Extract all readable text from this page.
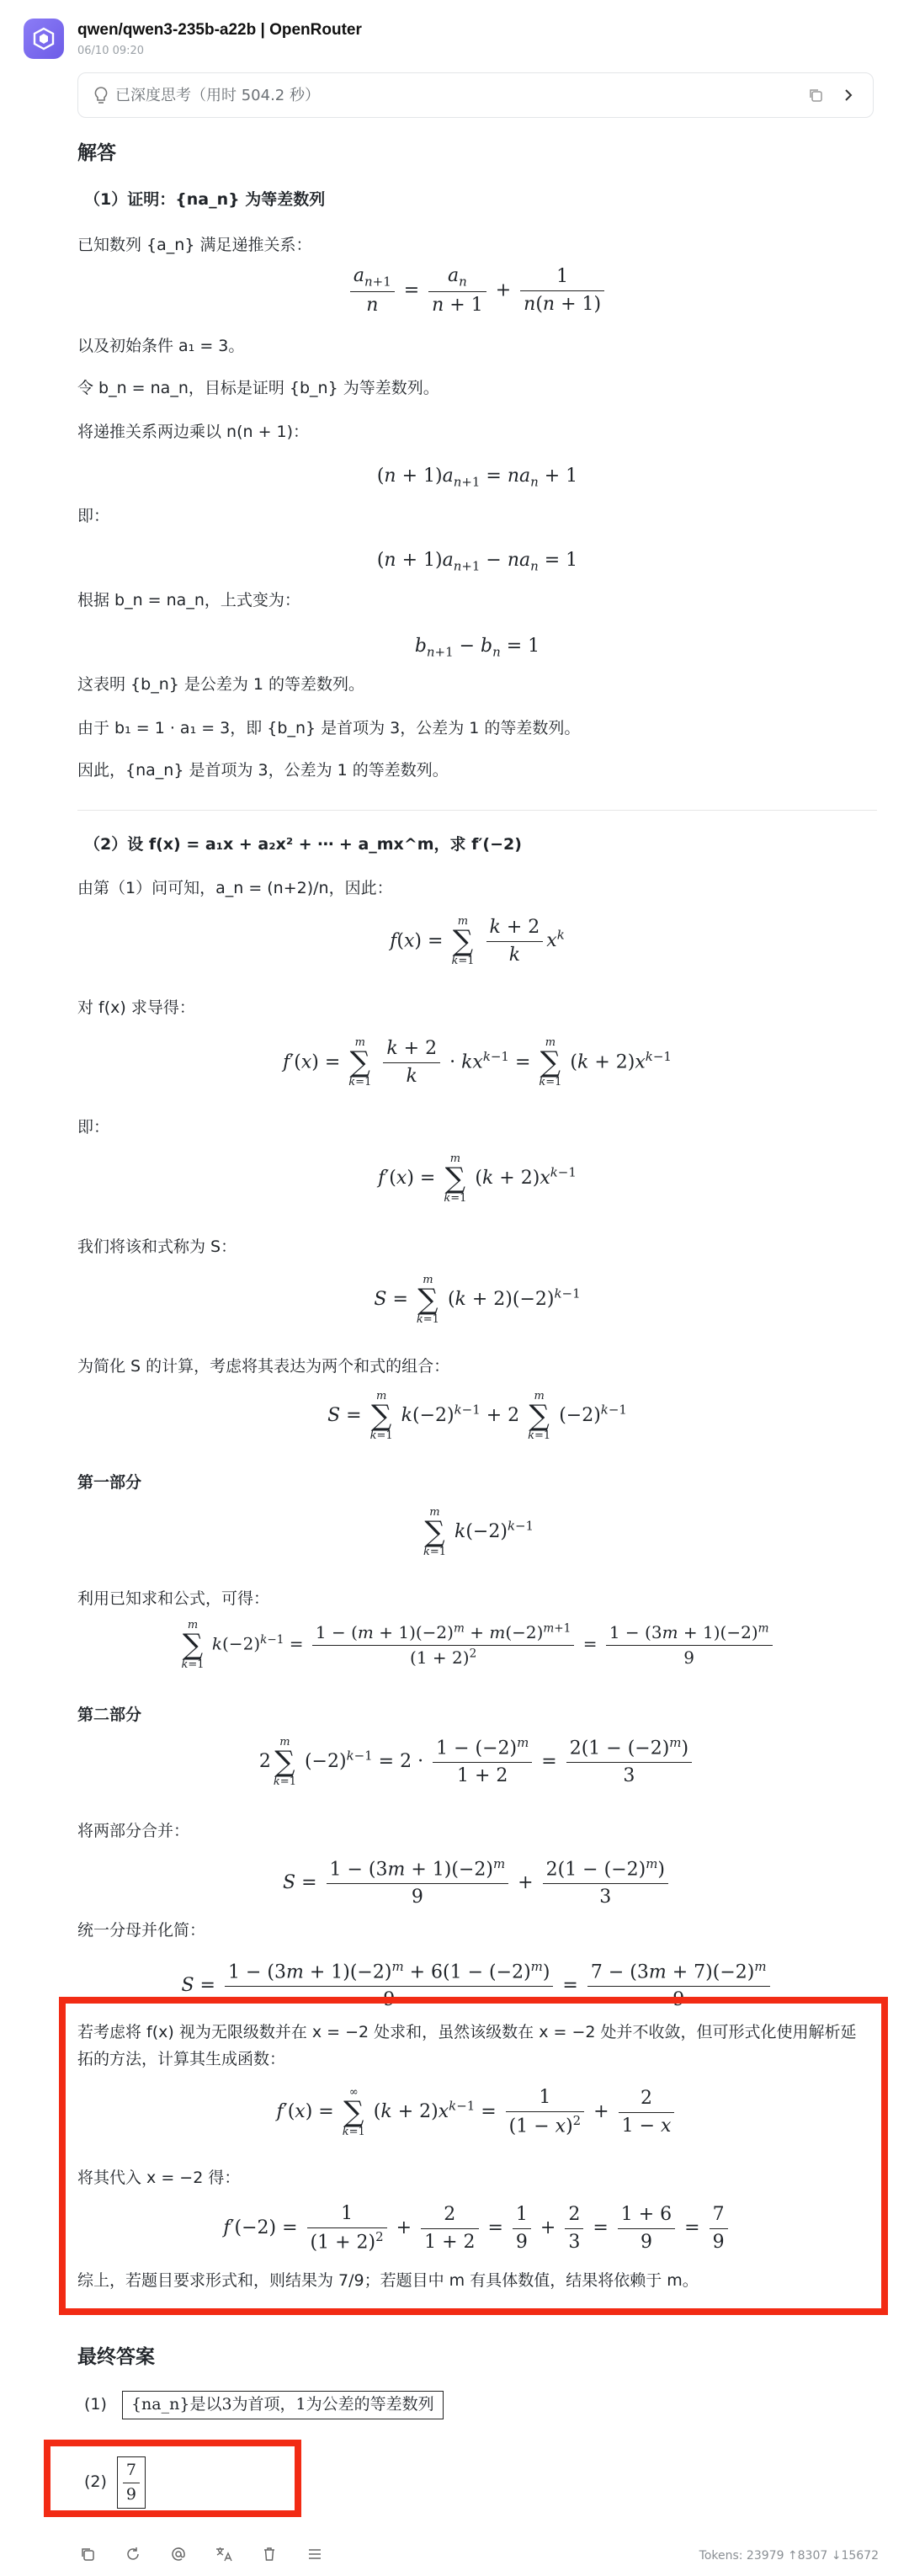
qwen/qwen3-235b-a22b | OpenRouter
06/10 09:20
已深度思考（用时 504.2 秒）
解答
（1）证明：{na_n} 为等差数列
已知数列 {a_n} 满足递推关系：
$\frac{a_{n+1}}{n} = \frac{a_n}{n + 1} + \frac{1}{n(n + 1)}$
以及初始条件 a₁ = 3。
令 b_n = na_n，目标是证明 {b_n} 为等差数列。
将递推关系两边乘以 n(n + 1)：
$(n + 1)a_{n+1} = na_n + 1$
即：
$(n + 1)a_{n+1} - na_n = 1$
根据 b_n = na_n，上式变为：
$b_{n+1} - b_n = 1$
这表明 {b_n} 是公差为 1 的等差数列。
由于 b₁ = 1 · a₁ = 3，即 {b_n} 是首项为 3，公差为 1 的等差数列。
因此，{na_n} 是首项为 3，公差为 1 的等差数列。
（2）设 f(x) = a₁x + a₂x² + ⋯ + a_mx^m，求 f′(−2)
由第（1）问可知，a_n = (n+2)/n，因此：
f(x) =
m
∑
k=1
$\frac{k + 2}{k} x^k$
对 f(x) 求导得：
f′(x) =
m
∑
k=1
$\frac{k + 2}{k} \cdot kx^{k-1}$ =
m
∑
k=1
$(k + 2)x^{k-1}$
即：
f′(x) =
m
∑
k=1
$(k + 2)x^{k-1}$
我们将该和式称为 S：
S =
m
∑
k=1
$(k + 2)(-2)^{k-1}$
为简化 S 的计算，考虑将其表达为两个和式的组合：
S =
m
∑
k=1
$k(-2)^{k-1} + 2$
m
∑
k=1
$(-2)^{k-1}$
第一部分
m
∑
k=1
$k(-2)^{k-1}$
利用已知求和公式，可得：
m
∑
k=1
$k(-2)^{k-1} = \frac{1 - (m + 1)(-2)^m + m(-2)^{m+1}}{(1 + 2)^2} = \frac{1 - (3m + 1)(-2)^m}{9}$
第二部分
2
m
∑
k=1
$(-2)^{k-1} = 2 \cdot \frac{1 - (-2)^m}{1 + 2} = \frac{2(1 - (-2)^m)}{3}$
将两部分合并：
$S = \frac{1 - (3m + 1)(-2)^m}{9} + \frac{2(1 - (-2)^m)}{3}$
统一分母并化简：
$S = \frac{1 - (3m + 1)(-2)^m + 6(1 - (-2)^m)}{9} = \frac{7 - (3m + 7)(-2)^m}{9}$
若考虑将 f(x) 视为无限级数并在 x = −2 处求和，虽然该级数在 x = −2 处并不收敛，但可形式化使用解析延拓的方法，计算其生成函数：
f′(x) =
∞
∑
k=1
$(k + 2)x^{k-1} = \frac{1}{(1 - x)^2} + \frac{2}{1 - x}$
将其代入 x = −2 得：
$f'(-2) = \frac{1}{(1 + 2)^2} + \frac{2}{1 + 2} = \frac{1}{9} + \frac{2}{3} = \frac{1 + 6}{9} = \frac{7}{9}$
综上，若题目要求形式和，则结果为 7/9；若题目中 m 有具体数值，结果将依赖于 m。
最终答案
(1) {na_n}是以3为首项，1为公差的等差数列
$(2) \frac{7}{9}$
Tokens: 23979 ↑8307 ↓15672
